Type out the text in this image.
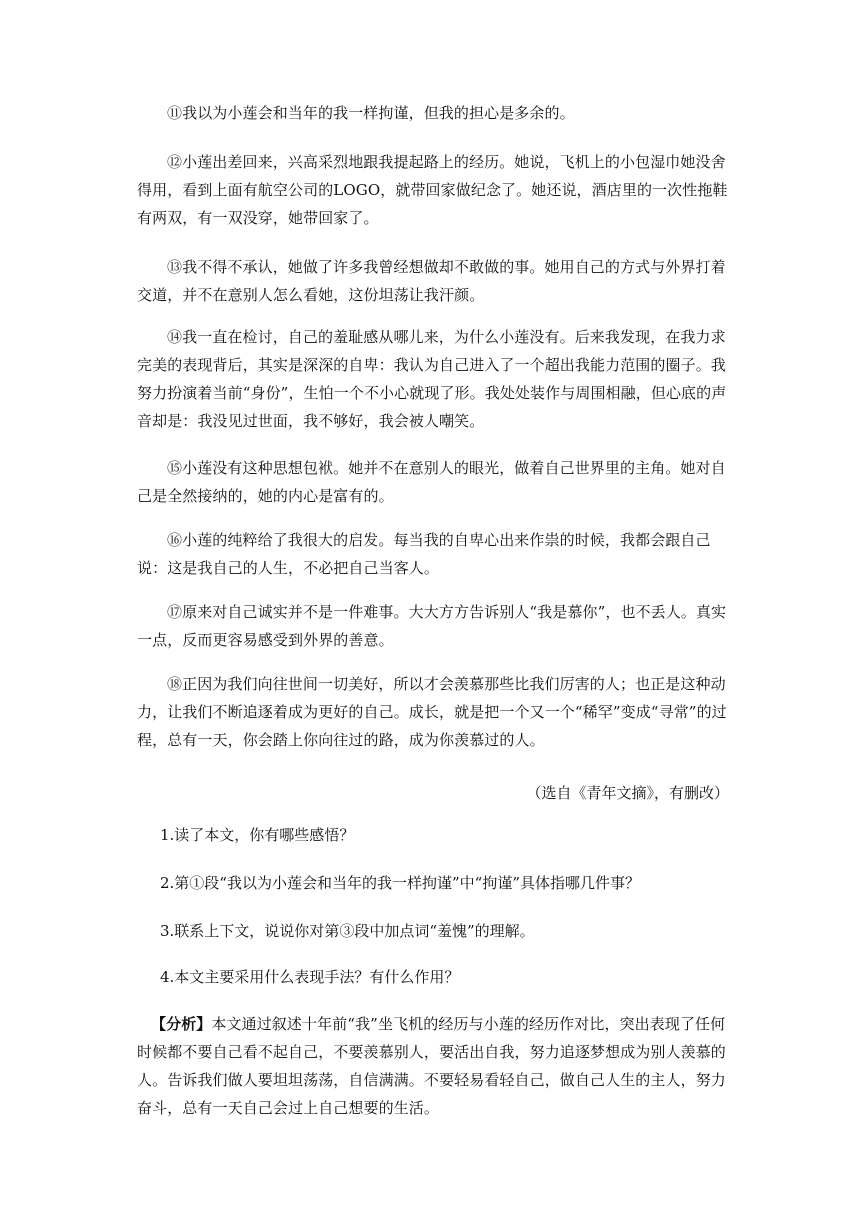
⑪我以为小莲会和当年的我一样拘谨，但我的担心是多余的。

⑫小莲出差回来，兴高采烈地跟我提起路上的经历。她说，飞机上的小包湿巾她没舍得用，看到上面有航空公司的LOGO，就带回家做纪念了。她还说，酒店里的一次性拖鞋有两双，有一双没穿，她带回家了。

⑬我不得不承认，她做了许多我曾经想做却不敢做的事。她用自己的方式与外界打着交道，并不在意别人怎么看她，这份坦荡让我汗颜。

⑭我一直在检讨，自己的羞耻感从哪儿来，为什么小莲没有。后来我发现，在我力求完美的表现背后，其实是深深的自卑：我认为自己进入了一个超出我能力范围的圈子。我努力扮演着当前“身份”，生怕一个不小心就现了形。我处处装作与周围相融，但心底的声音却是：我没见过世面，我不够好，我会被人嘲笑。

⑮小莲没有这种思想包袱。她并不在意别人的眼光，做着自己世界里的主角。她对自己是全然接纳的，她的内心是富有的。

⑯小莲的纯粹给了我很大的启发。每当我的自卑心出来作祟的时候，我都会跟自己说：这是我自己的人生，不必把自己当客人。

⑰原来对自己诚实并不是一件难事。大大方方告诉别人“我是慕你”，也不丢人。真实一点，反而更容易感受到外界的善意。

⑱正因为我们向往世间一切美好，所以才会羡慕那些比我们厉害的人；也正是这种动力，让我们不断追逐着成为更好的自己。成长，就是把一个又一个“稀罕”变成“寻常”的过程，总有一天，你会踏上你向往过的路，成为你羡慕过的人。

（选自《青年文摘》，有删改）

1.读了本文，你有哪些感悟？

2.第①段“我以为小莲会和当年的我一样拘谨”中“拘谨”具体指哪几件事？

3.联系上下文，说说你对第③段中加点词“羞愧”的理解。

4.本文主要采用什么表现手法？有什么作用？

【分析】本文通过叙述十年前“我”坐飞机的经历与小莲的经历作对比，突出表现了任何时候都不要自己看不起自己，不要羡慕别人，要活出自我，努力追逐梦想成为别人羡慕的人。告诉我们做人要坦坦荡荡，自信满满。不要轻易看轻自己，做自己人生的主人，努力奋斗，总有一天自己会过上自己想要的生活。
